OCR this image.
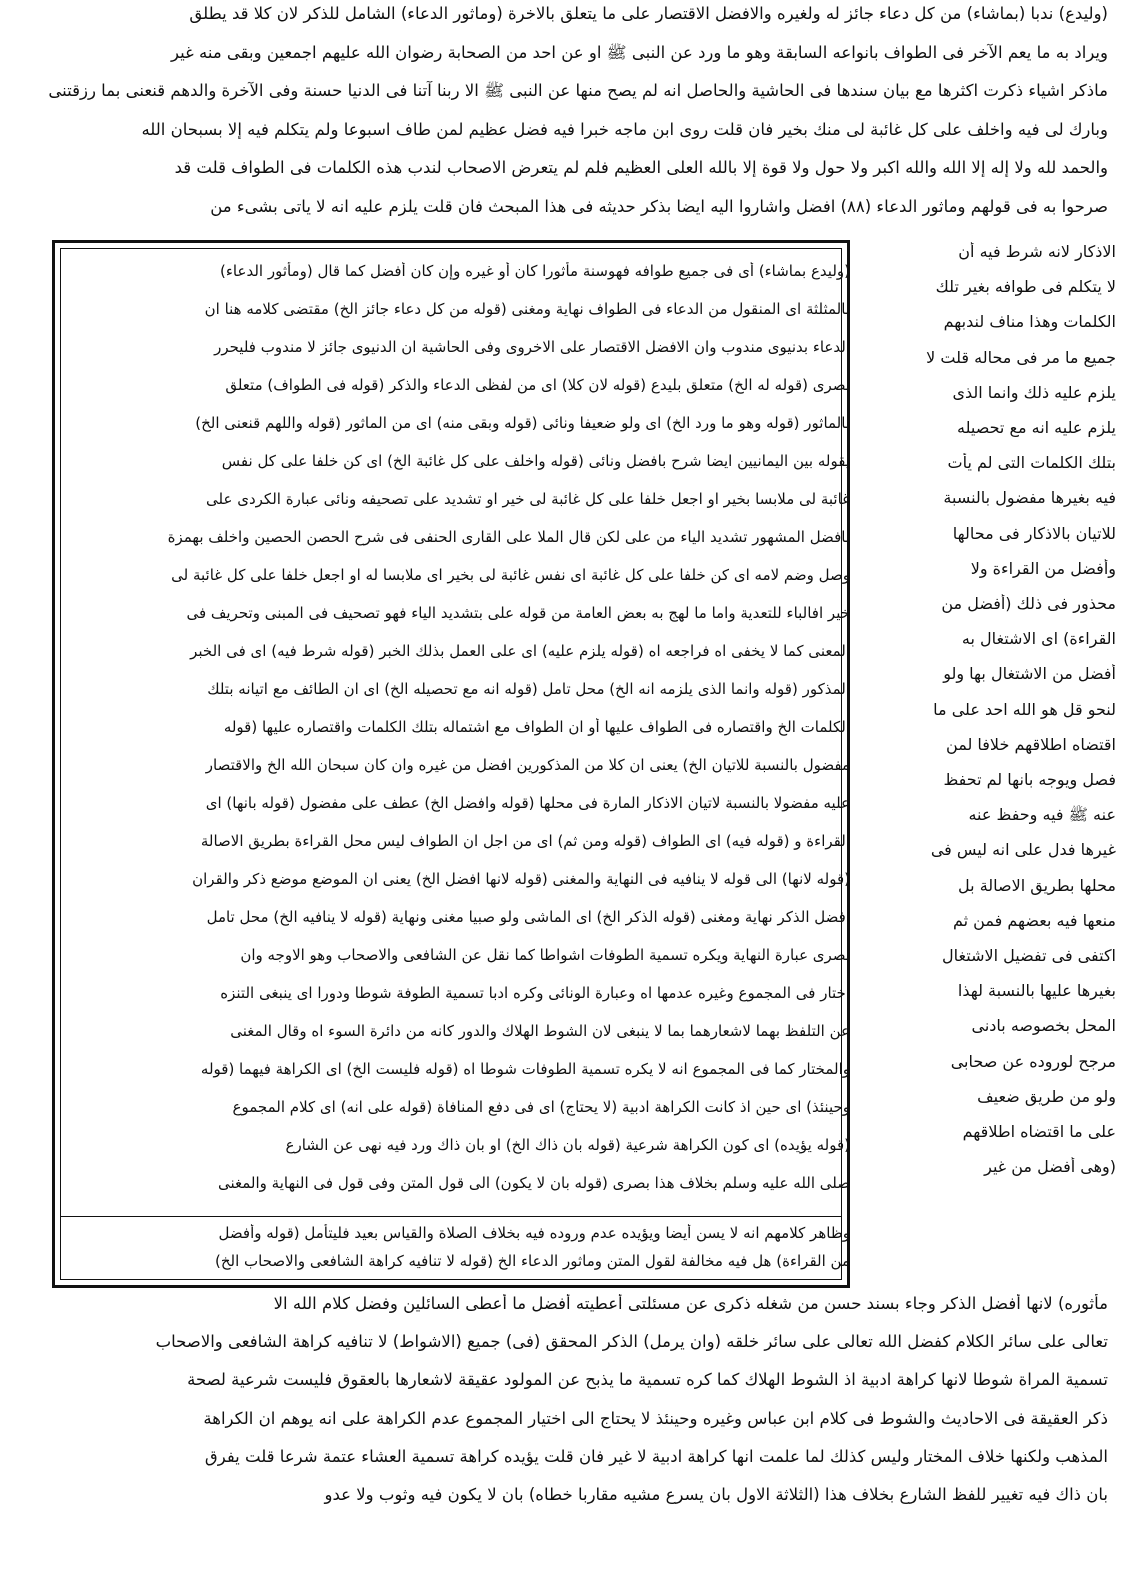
(وليدع) ندبا (بماشاء) من كل دعاء جائز له ولغيره والافضل الاقتصار على ما يتعلق بالاخرة (وماثور الدعاء) الشامل للذكر لان كلا قد يطلق
ويراد به ما يعم الآخر فى الطواف بانواعه السابقة وهو ما ورد عن النبى ﷺ او عن احد من الصحابة رضوان الله عليهم اجمعين وبقى منه غير
ماذكر اشياء ذكرت اكثرها مع بيان سندها فى الحاشية والحاصل انه لم يصح منها عن النبى ﷺ الا ربنا آتنا فى الدنيا حسنة وفى الآخرة والدهم قنعنى بما رزقتنى
وبارك لى فيه واخلف على كل غائبة لى منك بخير فان قلت روى ابن ماجه خبرا فيه فضل عظيم لمن طاف اسبوعا ولم يتكلم فيه إلا بسبحان الله
والحمد لله ولا إله إلا الله والله اكبر ولا حول ولا قوة إلا بالله العلى العظيم فلم لم يتعرض الاصحاب لندب هذه الكلمات فى الطواف قلت قد
صرحوا به فى قولهم وماثور الدعاء (٨٨) افضل واشاروا اليه ايضا بذكر حديثه فى هذا المبحث فان قلت يلزم عليه انه لا ياتى بشىء من
الاذكار لانه شرط فيه أن
لا يتكلم فى طوافه بغير تلك
الكلمات وهذا مناف لندبهم
جميع ما مر فى محاله قلت لا
يلزم عليه ذلك وانما الذى
يلزم عليه انه مع تحصيله
بتلك الكلمات التى لم يأت
فيه بغيرها مفضول بالنسبة
للاتيان بالاذكار فى محالها
وأفضل من القراءة ولا
محذور فى ذلك (أفضل من
القراءة) اى الاشتغال به
أفضل من الاشتغال بها ولو
لنحو قل هو الله احد على ما
اقتضاه اطلاقهم خلافا لمن
فصل ويوجه بانها لم تحفظ
عنه ﷺ فيه وحفظ عنه
غيرها فدل على انه ليس فى
محلها بطريق الاصالة بل
منعها فيه بعضهم فمن ثم
اكتفى فى تفضيل الاشتغال
بغيرها عليها بالنسبة لهذا
المحل بخصوصه بادنى
مرجح لوروده عن صحابى
ولو من طريق ضعيف
على ما اقتضاه اطلاقهم
(وهى أفضل من غير
(وليدع بماشاء) أى فى جميع طوافه فهوسنة مأثورا كان أو غيره وإن كان أفضل كما قال (ومأثور الدعاء)
بالمثلثة اى المنقول من الدعاء فى الطواف نهاية ومغنى (قوله من كل دعاء جائز الخ) مقتضى كلامه هنا ان
الدعاء بدنيوى مندوب وان الافضل الاقتصار على الاخروى وفى الحاشية ان الدنيوى جائز لا مندوب فليحرر
بصرى (قوله له الخ) متعلق بليدع (قوله لان كلا) اى من لفظى الدعاء والذكر (قوله فى الطواف) متعلق
بالماثور (قوله وهو ما ورد الخ) اى ولو ضعيفا ونائى (قوله وبقى منه) اى من الماثور (قوله واللهم قنعنى الخ)
يقوله بين اليمانيين ايضا شرح بافضل ونائى (قوله واخلف على كل غائبة الخ) اى كن خلفا على كل نفس
غائبة لى ملابسا بخير او اجعل خلفا على كل غائبة لى خير او تشديد على تصحيفه ونائى عبارة الكردى على
بافضل المشهور تشديد الياء من على لكن قال الملا على القارى الحنفى فى شرح الحصن الحصين واخلف بهمزة
وصل وضم لامه اى كن خلفا على كل غائبة اى نفس غائبة لى بخير اى ملابسا له او اجعل خلفا على كل غائبة لى
خير افالباء للتعدية واما ما لهج به بعض العامة من قوله على بتشديد الياء فهو تصحيف فى المبنى وتحريف فى
المعنى كما لا يخفى اه فراجعه اه (قوله يلزم عليه) اى على العمل بذلك الخبر (قوله شرط فيه) اى فى الخبر
المذكور (قوله وانما الذى يلزمه انه الخ) محل تامل (قوله انه مع تحصيله الخ) اى ان الطائف مع اتيانه بتلك
الكلمات الخ واقتصاره فى الطواف عليها أو ان الطواف مع اشتماله بتلك الكلمات واقتصاره عليها (قوله
مفضول بالنسبة للاتيان الخ) يعنى ان كلا من المذكورين افضل من غيره وان كان سبحان الله الخ والاقتصار
عليه مفضولا بالنسبة لاتيان الاذكار المارة فى محلها (قوله وافضل الخ) عطف على مفضول (قوله بانها) اى
القراءة و (قوله فيه) اى الطواف (قوله ومن ثم) اى من اجل ان الطواف ليس محل القراءة بطريق الاصالة
(قوله لانها) الى قوله لا ينافيه فى النهاية والمغنى (قوله لانها افضل الخ) يعنى ان الموضع موضع ذكر والقران
افضل الذكر نهاية ومغنى (قوله الذكر الخ) اى الماشى ولو صبيا مغنى ونهاية (قوله لا ينافيه الخ) محل تامل
بصرى عبارة النهاية ويكره تسمية الطوفات اشواطا كما نقل عن الشافعى والاصحاب وهو الاوجه وان
اختار فى المجموع وغيره عدمها اه وعبارة الونائى وكره ادبا تسمية الطوفة شوطا ودورا اى ينبغى التنزه
عن التلفظ بهما لاشعارهما بما لا ينبغى لان الشوط الهلاك والدور كانه من دائرة السوء اه وقال المغنى
والمختار كما فى المجموع انه لا يكره تسمية الطوفات شوطا اه (قوله فليست الخ) اى الكراهة فيهما (قوله
وحينئذ) اى حين اذ كانت الكراهة ادبية (لا يحتاج) اى فى دفع المنافاة (قوله على انه) اى كلام المجموع
(قوله يؤيده) اى كون الكراهة شرعية (قوله بان ذاك الخ) او بان ذاك ورد فيه نهى عن الشارع
صلى الله عليه وسلم بخلاف هذا بصرى (قوله بان لا يكون) الى قول المتن وفى قول فى النهاية والمغنى
وظاهر كلامهم انه لا يسن أيضا ويؤيده عدم وروده فيه بخلاف الصلاة والقياس بعيد فليتأمل (قوله وأفضل
من القراءة) هل فيه مخالفة لقول المتن وماثور الدعاء الخ (قوله لا تنافيه كراهة الشافعى والاصحاب الخ)
مأثوره) لانها أفضل الذكر وجاء بسند حسن من شغله ذكرى عن مسئلتى أعطيته أفضل ما أعطى السائلين وفضل كلام الله الا
تعالى على سائر الكلام كفضل الله تعالى على سائر خلقه (وان يرمل) الذكر المحقق (فى) جميع (الاشواط) لا تنافيه كراهة الشافعى والاصحاب
تسمية المراة شوطا لانها كراهة ادبية اذ الشوط الهلاك كما كره تسمية ما يذبح عن المولود عقيقة لاشعارها بالعقوق فليست شرعية لصحة
ذكر العقيقة فى الاحاديث والشوط فى كلام ابن عباس وغيره وحينئذ لا يحتاج الى اختيار المجموع عدم الكراهة على انه يوهم ان الكراهة
المذهب ولكنها خلاف المختار وليس كذلك لما علمت انها كراهة ادبية لا غير فان قلت يؤيده كراهة تسمية العشاء عتمة شرعا قلت يفرق
بان ذاك فيه تغيير للفظ الشارع بخلاف هذا (الثلاثة الاول بان يسرع مشيه مقاربا خطاه) بان لا يكون فيه وثوب ولا عدو
